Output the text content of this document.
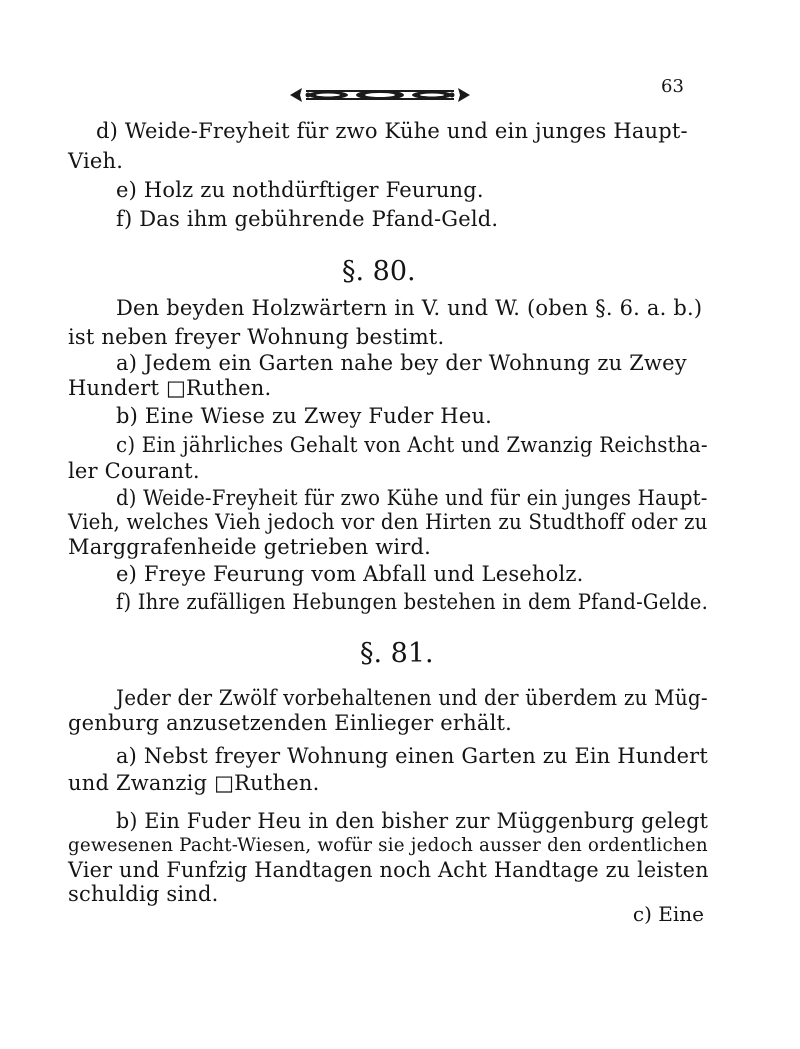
63
d) Weide-Freyheit für zwo Kühe und ein junges Haupt-
Vieh.
e) Holz zu nothdürftiger Feurung.
f) Das ihm gebührende Pfand-Geld.
§. 80.
Den beyden Holzwärtern in V. und W. (oben §. 6. a. b.)
ist neben freyer Wohnung bestimt.
a) Jedem ein Garten nahe bey der Wohnung zu Zwey
Hundert □Ruthen.
b) Eine Wiese zu Zwey Fuder Heu.
c) Ein jährliches Gehalt von Acht und Zwanzig Reichstha-
ler Courant.
d) Weide-Freyheit für zwo Kühe und für ein junges Haupt-
Vieh, welches Vieh jedoch vor den Hirten zu Studthoff oder zu
Marggrafenheide getrieben wird.
e) Freye Feurung vom Abfall und Leseholz.
f) Ihre zufälligen Hebungen bestehen in dem Pfand-Gelde.
§. 81.
Jeder der Zwölf vorbehaltenen und der überdem zu Müg-
genburg anzusetzenden Einlieger erhält.
a) Nebst freyer Wohnung einen Garten zu Ein Hundert
und Zwanzig □Ruthen.
b) Ein Fuder Heu in den bisher zur Müggenburg gelegt
gewesenen Pacht-Wiesen, wofür sie jedoch ausser den ordentlichen
Vier und Funfzig Handtagen noch Acht Handtage zu leisten
schuldig sind.
c) Eine
